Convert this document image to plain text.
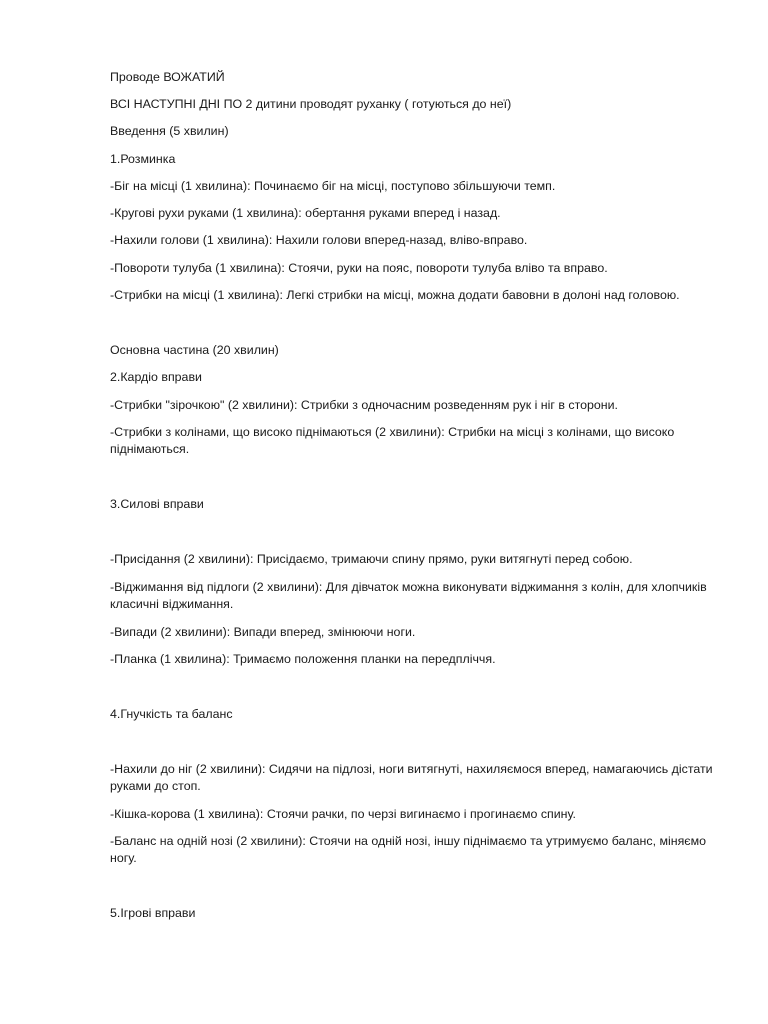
Проводе ВОЖАТИЙ

ВСІ НАСТУПНІ ДНІ ПО 2 дитини проводят руханку ( готуються до неї)

Введення (5 хвилин)

1.Розминка

-Біг на місці (1 хвилина): Починаємо біг на місці, поступово збільшуючи темп.

-Кругові рухи руками (1 хвилина): обертання руками вперед і назад.

-Нахили голови (1 хвилина): Нахили голови вперед-назад, вліво-вправо.

-Повороти тулуба (1 хвилина): Стоячи, руки на пояс, повороти тулуба вліво та вправо.

-Стрибки на місці (1 хвилина): Легкі стрибки на місці, можна додати бавовни в долоні над головою.

Основна частина (20 хвилин)

2.Кардіо вправи

-Стрибки "зірочкою" (2 хвилини): Стрибки з одночасним розведенням рук і ніг в сторони.

-Стрибки з колінами, що високо піднімаються (2 хвилини): Стрибки на місці з колінами, що високо піднімаються.

3.Силові вправи

-Присідання (2 хвилини): Присідаємо, тримаючи спину прямо, руки витягнуті перед собою.

-Віджимання від підлоги (2 хвилини): Для дівчаток можна виконувати віджимання з колін, для хлопчиків класичні віджимання.

-Випади (2 хвилини): Випади вперед, змінюючи ноги.

-Планка (1 хвилина): Тримаємо положення планки на передпліччя.

4.Гнучкість та баланс

-Нахили до ніг (2 хвилини): Сидячи на підлозі, ноги витягнуті, нахиляємося вперед, намагаючись дістати руками до стоп.

-Кішка-корова (1 хвилина): Стоячи рачки, по черзі вигинаємо і прогинаємо спину.

-Баланс на одній нозі (2 хвилини): Стоячи на одній нозі, іншу піднімаємо та утримуємо баланс, міняємо ногу.

5.Ігрові вправи
